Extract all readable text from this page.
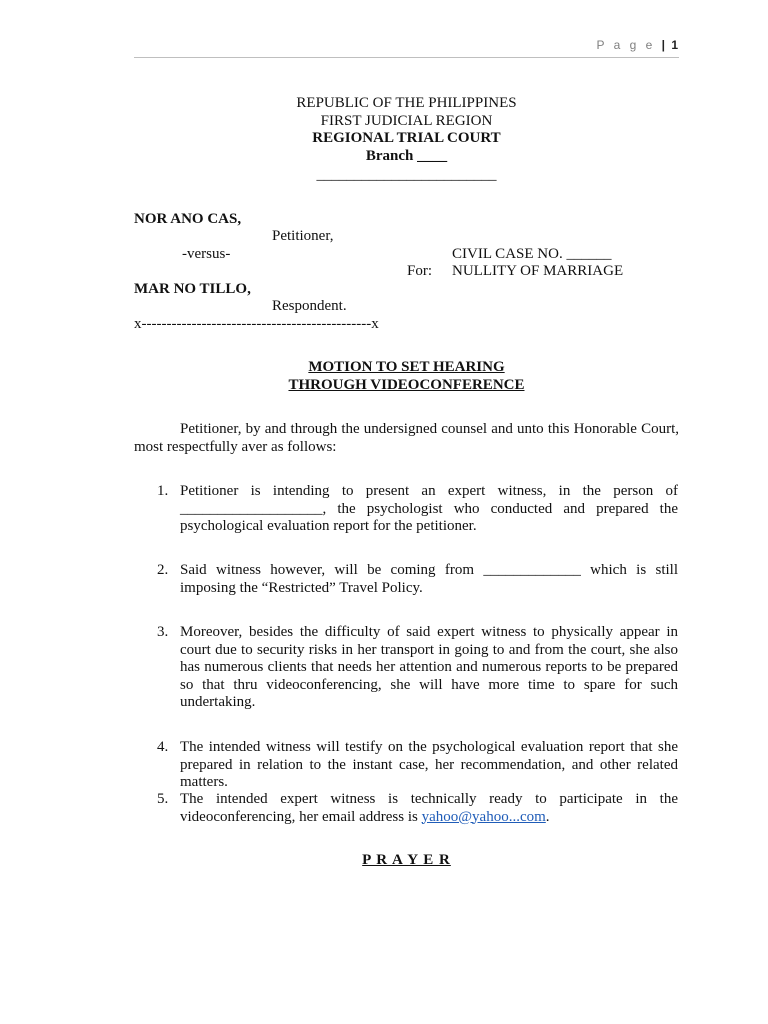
P a g e | 1
REPUBLIC OF THE PHILIPPINES
FIRST JUDICIAL REGION
REGIONAL TRIAL COURT
Branch ____
________________________
NOR ANO CAS,
Petitioner,
-versus-	CIVIL CASE NO. ______
For: NULLITY OF MARRIAGE
MAR NO TILLO,
Respondent.
x----------------------------------------------x
MOTION TO SET HEARING
THROUGH VIDEOCONFERENCE
Petitioner, by and through the undersigned counsel and unto this Honorable Court, most respectfully aver as follows:
1. Petitioner is intending to present an expert witness, in the person of ___________________, the psychologist who conducted and prepared the psychological evaluation report for the petitioner.
2. Said witness however, will be coming from _____________ which is still imposing the “Restricted” Travel Policy.
3. Moreover, besides the difficulty of said expert witness to physically appear in court due to security risks in her transport in going to and from the court, she also has numerous clients that needs her attention and numerous reports to be prepared so that thru videoconferencing, she will have more time to spare for such undertaking.
4. The intended witness will testify on the psychological evaluation report that she prepared in relation to the instant case, her recommendation, and other related matters.
5. The intended expert witness is technically ready to participate in the videoconferencing, her email address is yahoo@yahoo...com.
P R A Y E R
